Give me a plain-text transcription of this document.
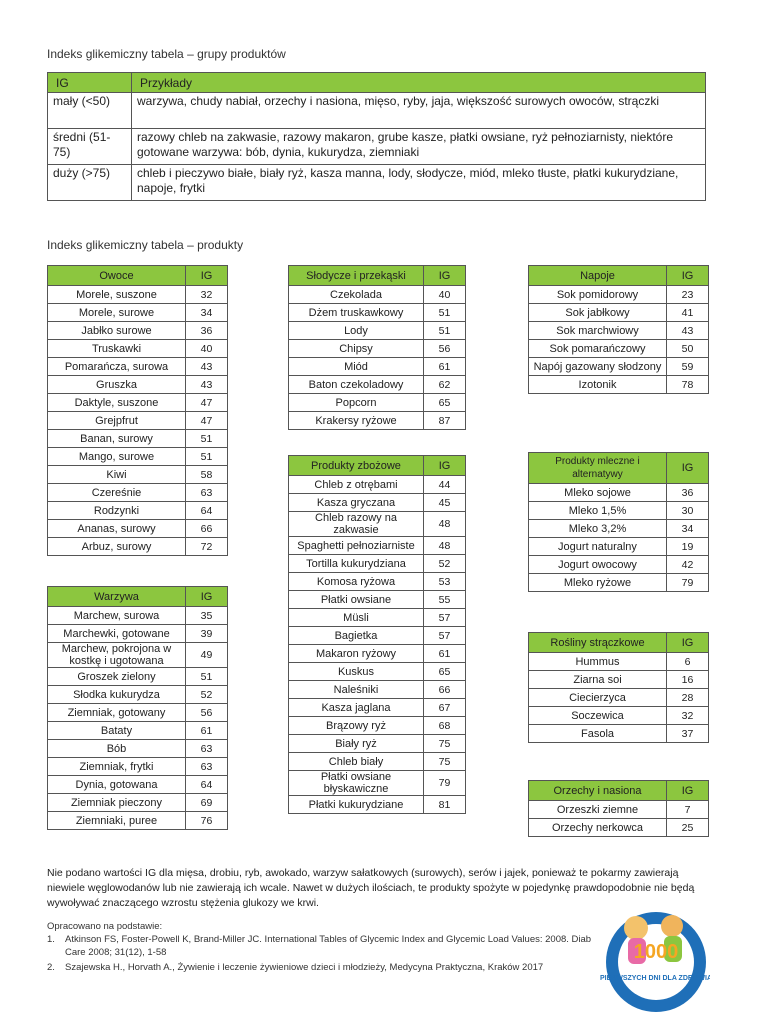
Indeks glikemiczny tabela – grupy produktów
IG	Przykłady
mały (<50)	warzywa, chudy nabiał, orzechy i nasiona, mięso, ryby, jaja, większość surowych owoców, strączki
średni (51-75)	razowy chleb na zakwasie, razowy makaron, grube kasze, płatki owsiane, ryż pełnoziarnisty, niektóre gotowane warzywa: bób, dynia, kukurydza, ziemniaki
duży (>75)	chleb i pieczywo białe, biały ryż, kasza manna, lody, słodycze, miód, mleko tłuste, płatki kukurydziane, napoje, frytki
Indeks glikemiczny tabela – produkty
Owoce	IG
Morele, suszone	32
Morele, surowe	34
Jabłko surowe	36
Truskawki	40
Pomarańcza, surowa	43
Gruszka	43
Daktyle, suszone	47
Grejpfrut	47
Banan, surowy	51
Mango, surowe	51
Kiwi	58
Czereśnie	63
Rodzynki	64
Ananas, surowy	66
Arbuz, surowy	72
Warzywa	IG
Marchew, surowa	35
Marchewki, gotowane	39
Marchew, pokrojona w kostkę i ugotowana	49
Groszek zielony	51
Słodka kukurydza	52
Ziemniak, gotowany	56
Bataty	61
Bób	63
Ziemniak, frytki	63
Dynia, gotowana	64
Ziemniak pieczony	69
Ziemniaki, puree	76
Słodycze i przekąski	IG
Czekolada	40
Dżem truskawkowy	51
Lody	51
Chipsy	56
Miód	61
Baton czekoladowy	62
Popcorn	65
Krakersy ryżowe	87
Produkty zbożowe	IG
Chleb z otrębami	44
Kasza gryczana	45
Chleb razowy na zakwasie	48
Spaghetti pełnoziarniste	48
Tortilla kukurydziana	52
Komosa ryżowa	53
Płatki owsiane	55
Müsli	57
Bagietka	57
Makaron ryżowy	61
Kuskus	65
Naleśniki	66
Kasza jaglana	67
Brązowy ryż	68
Biały ryż	75
Chleb biały	75
Płatki owsiane błyskawiczne	79
Płatki kukurydziane	81
Napoje	IG
Sok pomidorowy	23
Sok jabłkowy	41
Sok marchwiowy	43
Sok pomarańczowy	50
Napój gazowany słodzony	59
Izotonik	78
Produkty mleczne i alternatywy	IG
Mleko sojowe	36
Mleko 1,5%	30
Mleko 3,2%	34
Jogurt naturalny	19
Jogurt owocowy	42
Mleko ryżowe	79
Rośliny strączkowe	IG
Hummus	6
Ziarna soi	16
Ciecierzyca	28
Soczewica	32
Fasola	37
Orzechy i nasiona	IG
Orzeszki ziemne	7
Orzechy nerkowca	25
Nie podano wartości IG dla mięsa, drobiu, ryb, awokado, warzyw sałatkowych (surowych), serów i jajek, ponieważ te pokarmy zawierają niewiele węglowodanów lub nie zawierają ich wcale. Nawet w dużych ilościach, te produkty spożyte w pojedynkę prawdopodobnie nie będą wywoływać znaczącego wzrostu stężenia glukozy we krwi.
Opracowano na podstawie:
1.	Atkinson FS, Foster-Powell K, Brand-Miller JC. International Tables of Glycemic Index and Glycemic Load Values: 2008. Diab Care 2008; 31(12), 1-58
2.	Szajewska H., Horvath A., Żywienie i leczenie żywieniowe dzieci i młodzieży, Medycyna Praktyczna, Kraków 2017
1000
PIERWSZYCH DNI DLA ZDROWIA
